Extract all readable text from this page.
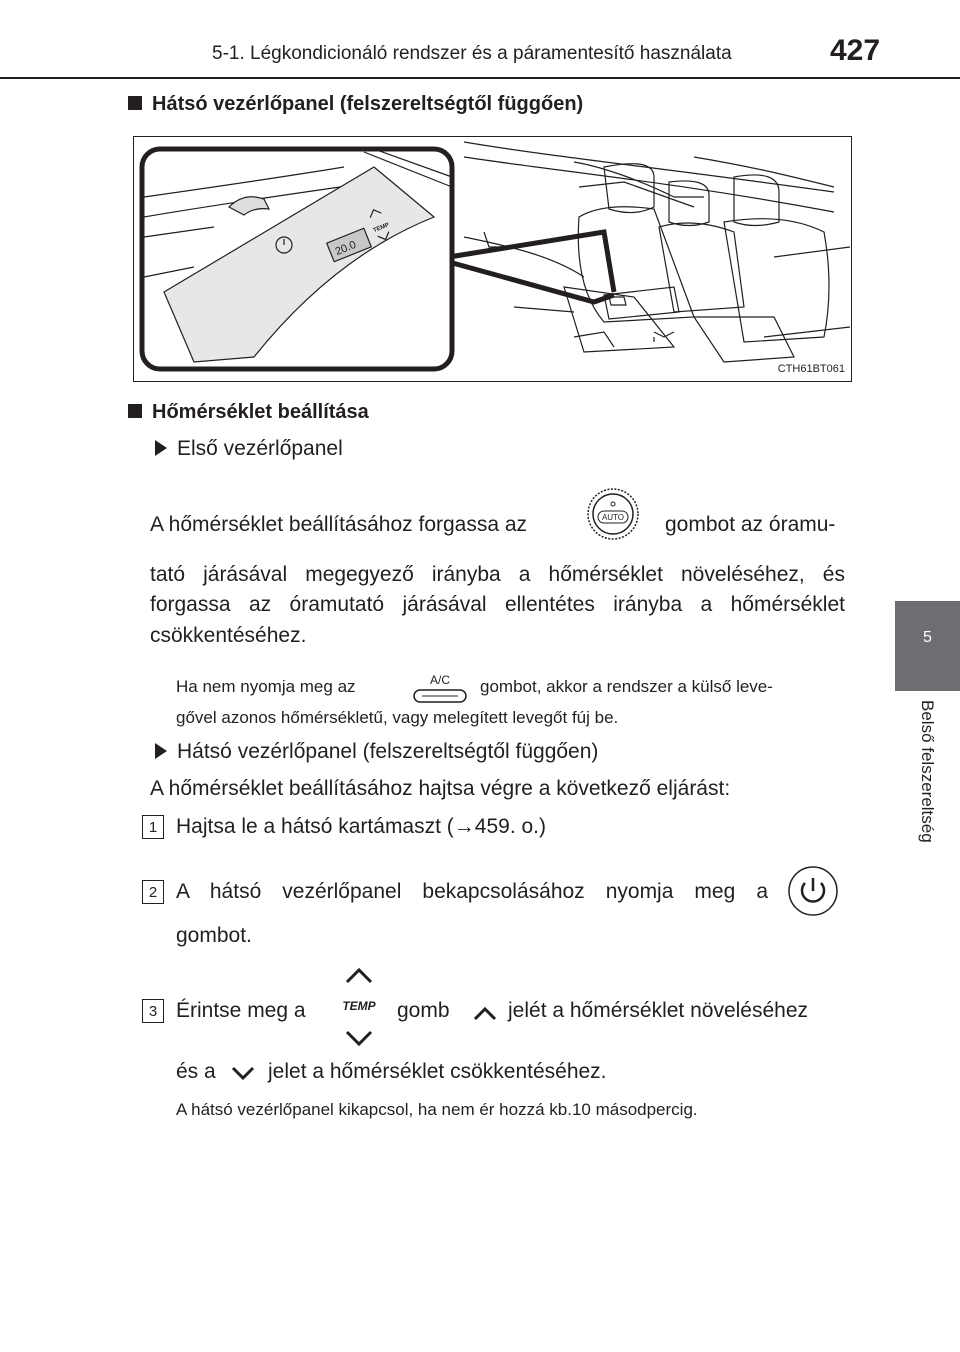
5-1. Légkondicionáló rendszer és a páramentesítő használata	427
5
Belső felszereltség
Hátsó vezérlőpanel (felszereltségtől függően)
20.0
TEMP
CTH61BT061
Hőmérséklet beállítása
Első vezérlőpanel
A hőmérséklet beállításához forgassa az	AUTO gombot az óramu-
tató járásával megegyező irányba a hőmérséklet növeléséhez, és
forgassa az óramutató járásával ellentétes irányba a hőmérséklet
csökkentéséhez.
Ha nem nyomja meg az	A/C gombot, akkor a rendszer a külső leve-
gővel azonos hőmérsékletű, vagy melegített levegőt fúj be.
Hátsó vezérlőpanel (felszereltségtől függően)
A hőmérséklet beállításához hajtsa végre a következő eljárást:
1 Hajtsa le a hátsó kartámaszt (→459. o.)
2 A hátsó vezérlőpanel bekapcsolásához nyomja meg a
gombot.
3 Érintse meg a	TEMP gomb	jelét a hőmérséklet növeléséhez
és a jelet a hőmérséklet csökkentéséhez.
A hátsó vezérlőpanel kikapcsol, ha nem ér hozzá kb.10 másodpercig.
